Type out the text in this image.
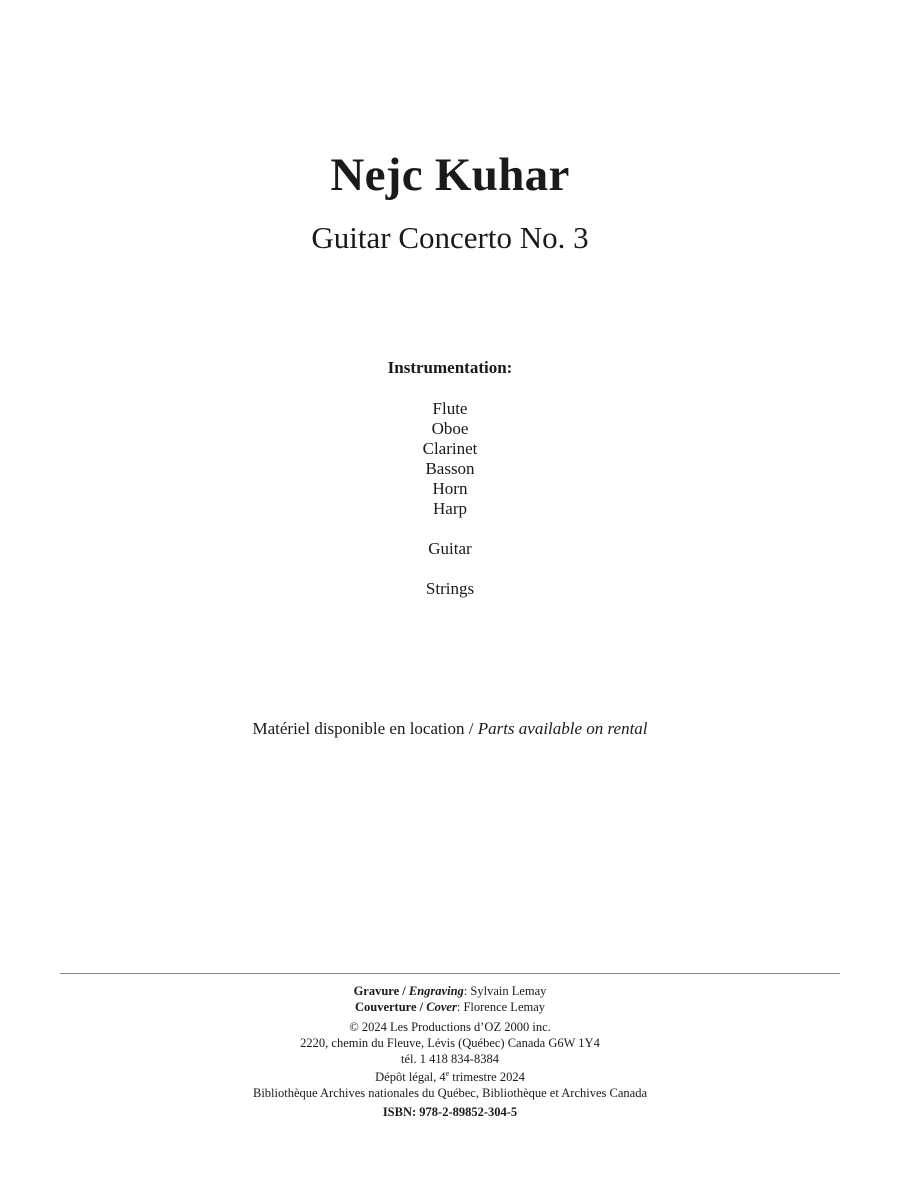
Nejc Kuhar
Guitar Concerto No. 3
Instrumentation:
Flute
Oboe
Clarinet
Basson
Horn
Harp
Guitar
Strings
Matériel disponible en location / Parts available on rental
Gravure / Engraving: Sylvain Lemay
Couverture / Cover: Florence Lemay
© 2024 Les Productions d’OZ 2000 inc.
2220, chemin du Fleuve, Lévis (Québec) Canada G6W 1Y4
tél. 1 418 834-8384
Dépôt légal, 4e trimestre 2024
Bibliothèque Archives nationales du Québec, Bibliothèque et Archives Canada
ISBN: 978-2-89852-304-5
